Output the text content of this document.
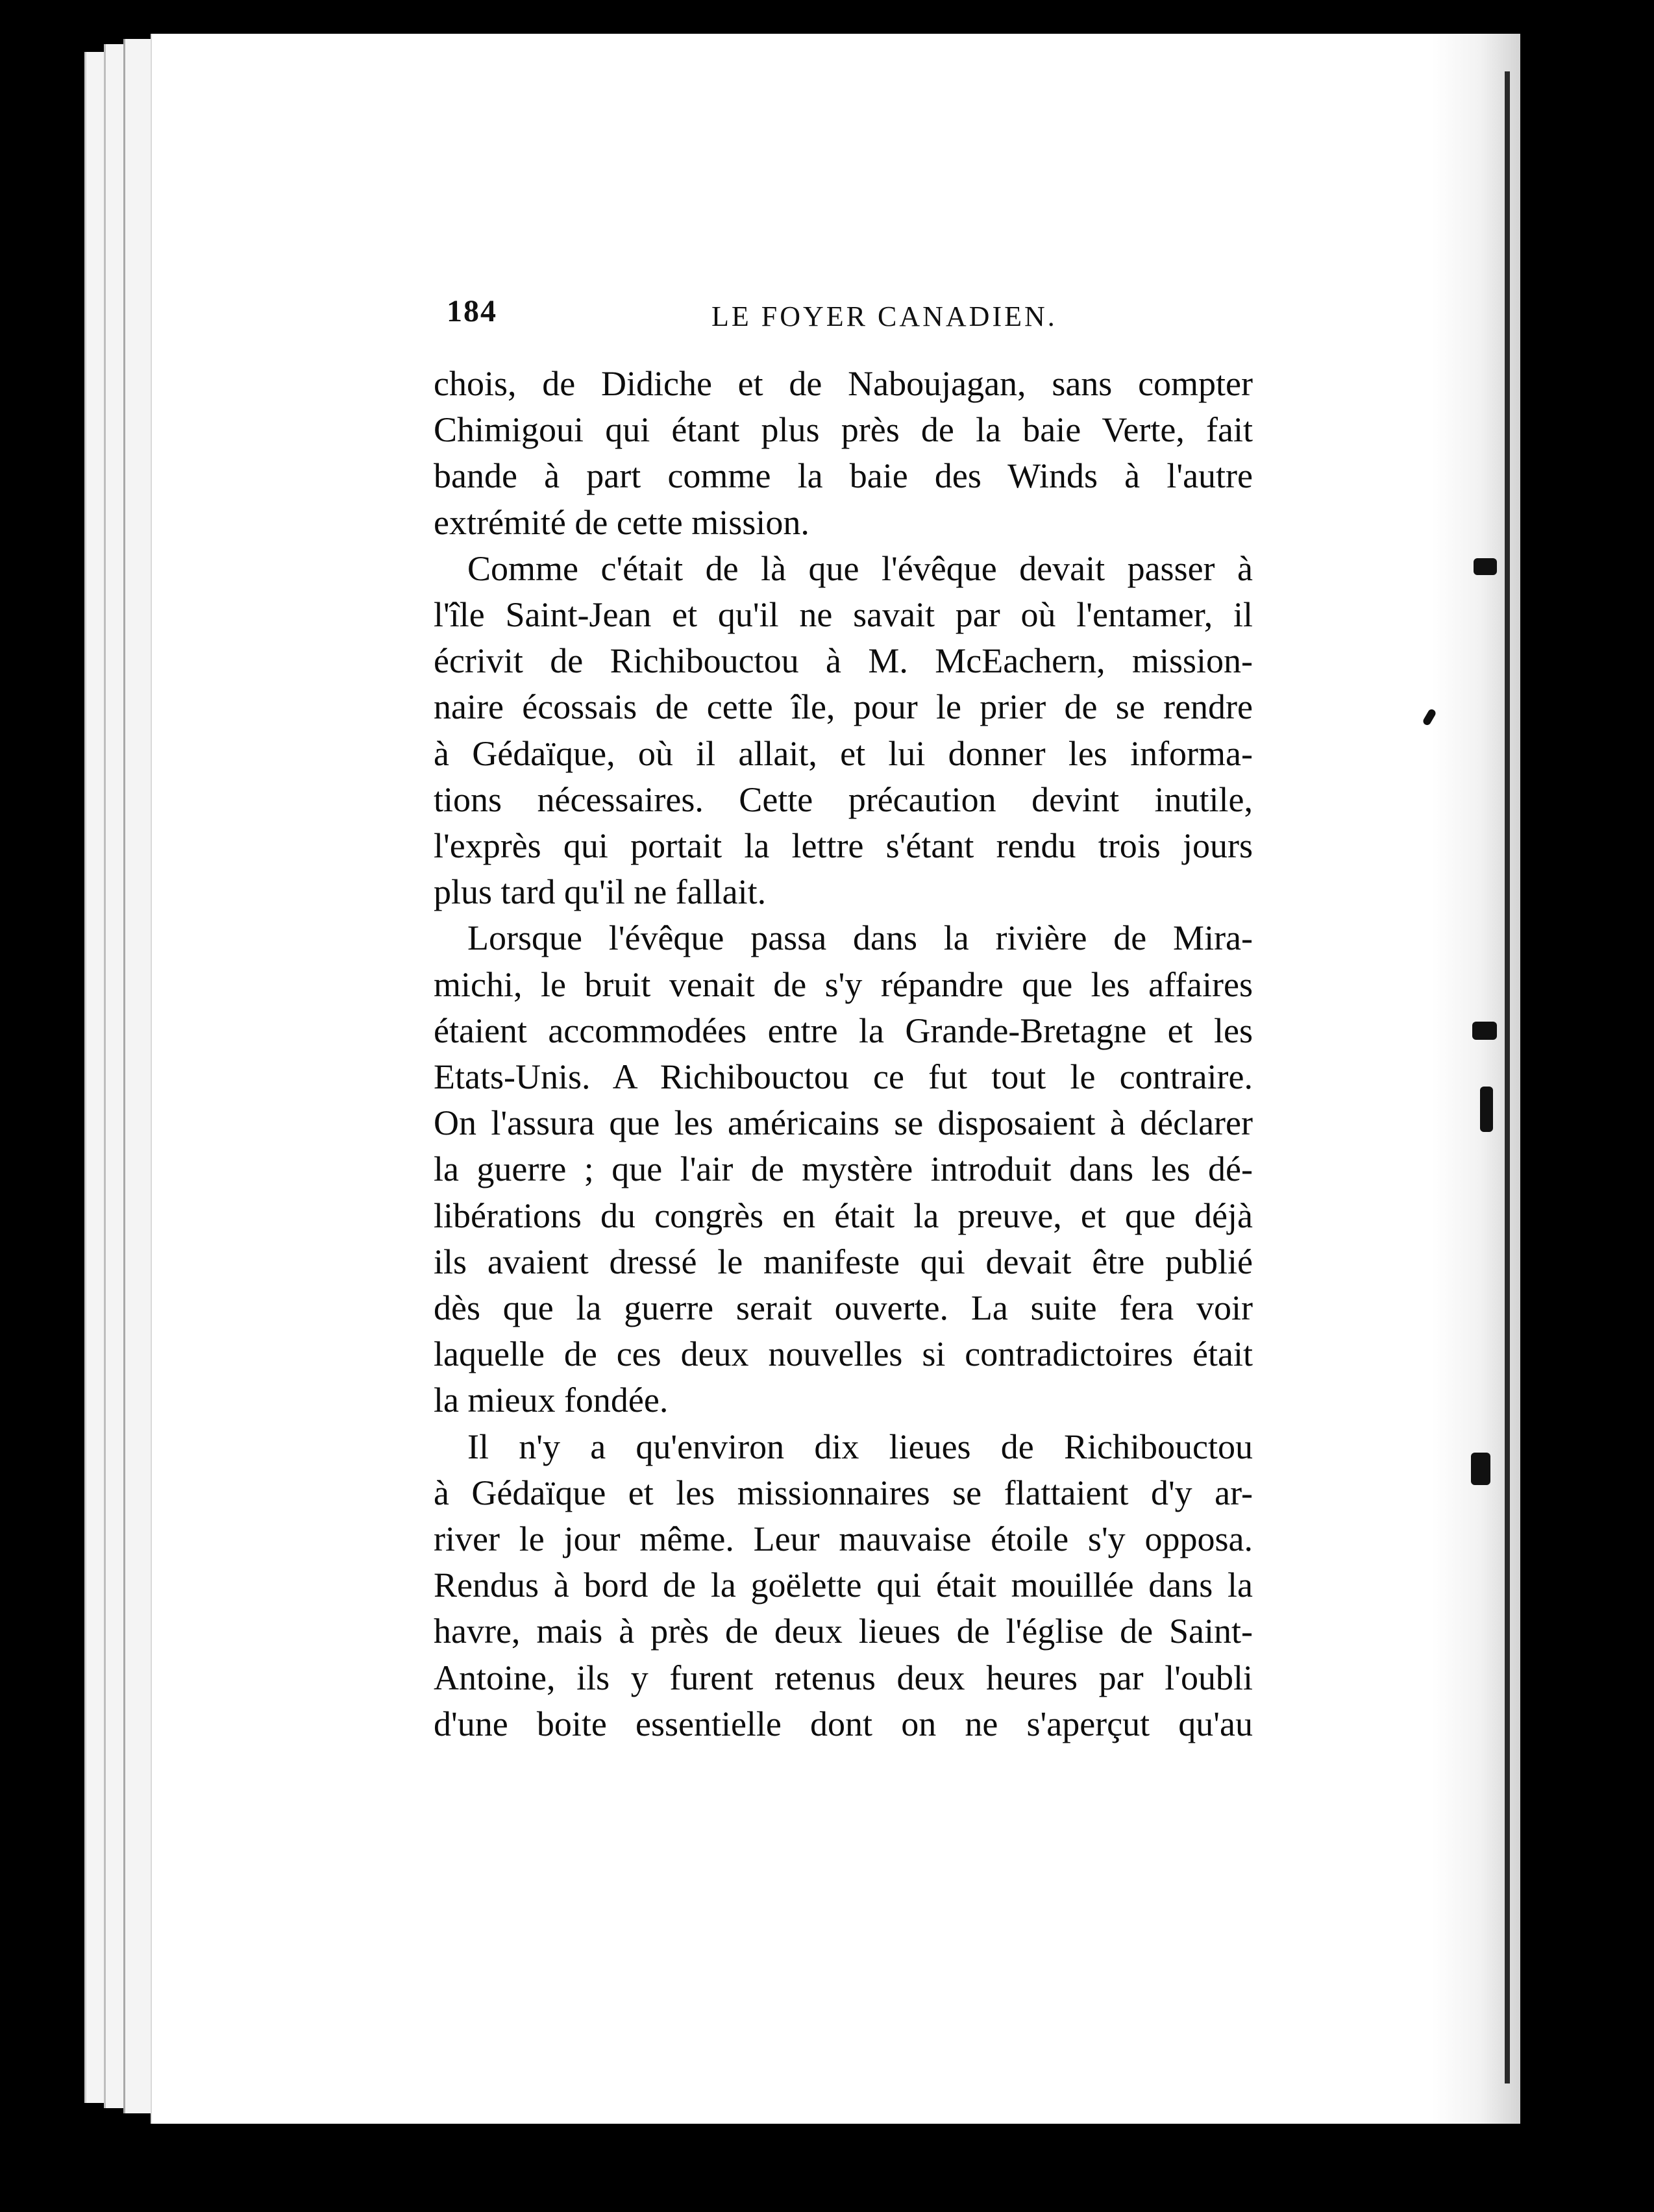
184	LE FOYER CANADIEN.
chois, de Didiche et de Naboujagan, sans compter
Chimigoui qui étant plus près de la baie Verte, fait
bande à part comme la baie des Winds à l'autre
extrémité de cette mission.
Comme c'était de là que l'évêque devait passer à
l'île Saint-Jean et qu'il ne savait par où l'entamer, il
écrivit de Richibouctou à M. McEachern, mission-
naire écossais de cette île, pour le prier de se rendre
à Gédaïque, où il allait, et lui donner les informa-
tions nécessaires. Cette précaution devint inutile,
l'exprès qui portait la lettre s'étant rendu trois jours
plus tard qu'il ne fallait.
Lorsque l'évêque passa dans la rivière de Mira-
michi, le bruit venait de s'y répandre que les affaires
étaient accommodées entre la Grande-Bretagne et les
Etats-Unis. A Richibouctou ce fut tout le contraire.
On l'assura que les américains se disposaient à déclarer
la guerre ; que l'air de mystère introduit dans les dé-
libérations du congrès en était la preuve, et que déjà
ils avaient dressé le manifeste qui devait être publié
dès que la guerre serait ouverte. La suite fera voir
laquelle de ces deux nouvelles si contradictoires était
la mieux fondée.
Il n'y a qu'environ dix lieues de Richibouctou
à Gédaïque et les missionnaires se flattaient d'y ar-
river le jour même. Leur mauvaise étoile s'y opposa.
Rendus à bord de la goëlette qui était mouillée dans la
havre, mais à près de deux lieues de l'église de Saint-
Antoine, ils y furent retenus deux heures par l'oubli
d'une boite essentielle dont on ne s'aperçut qu'au
